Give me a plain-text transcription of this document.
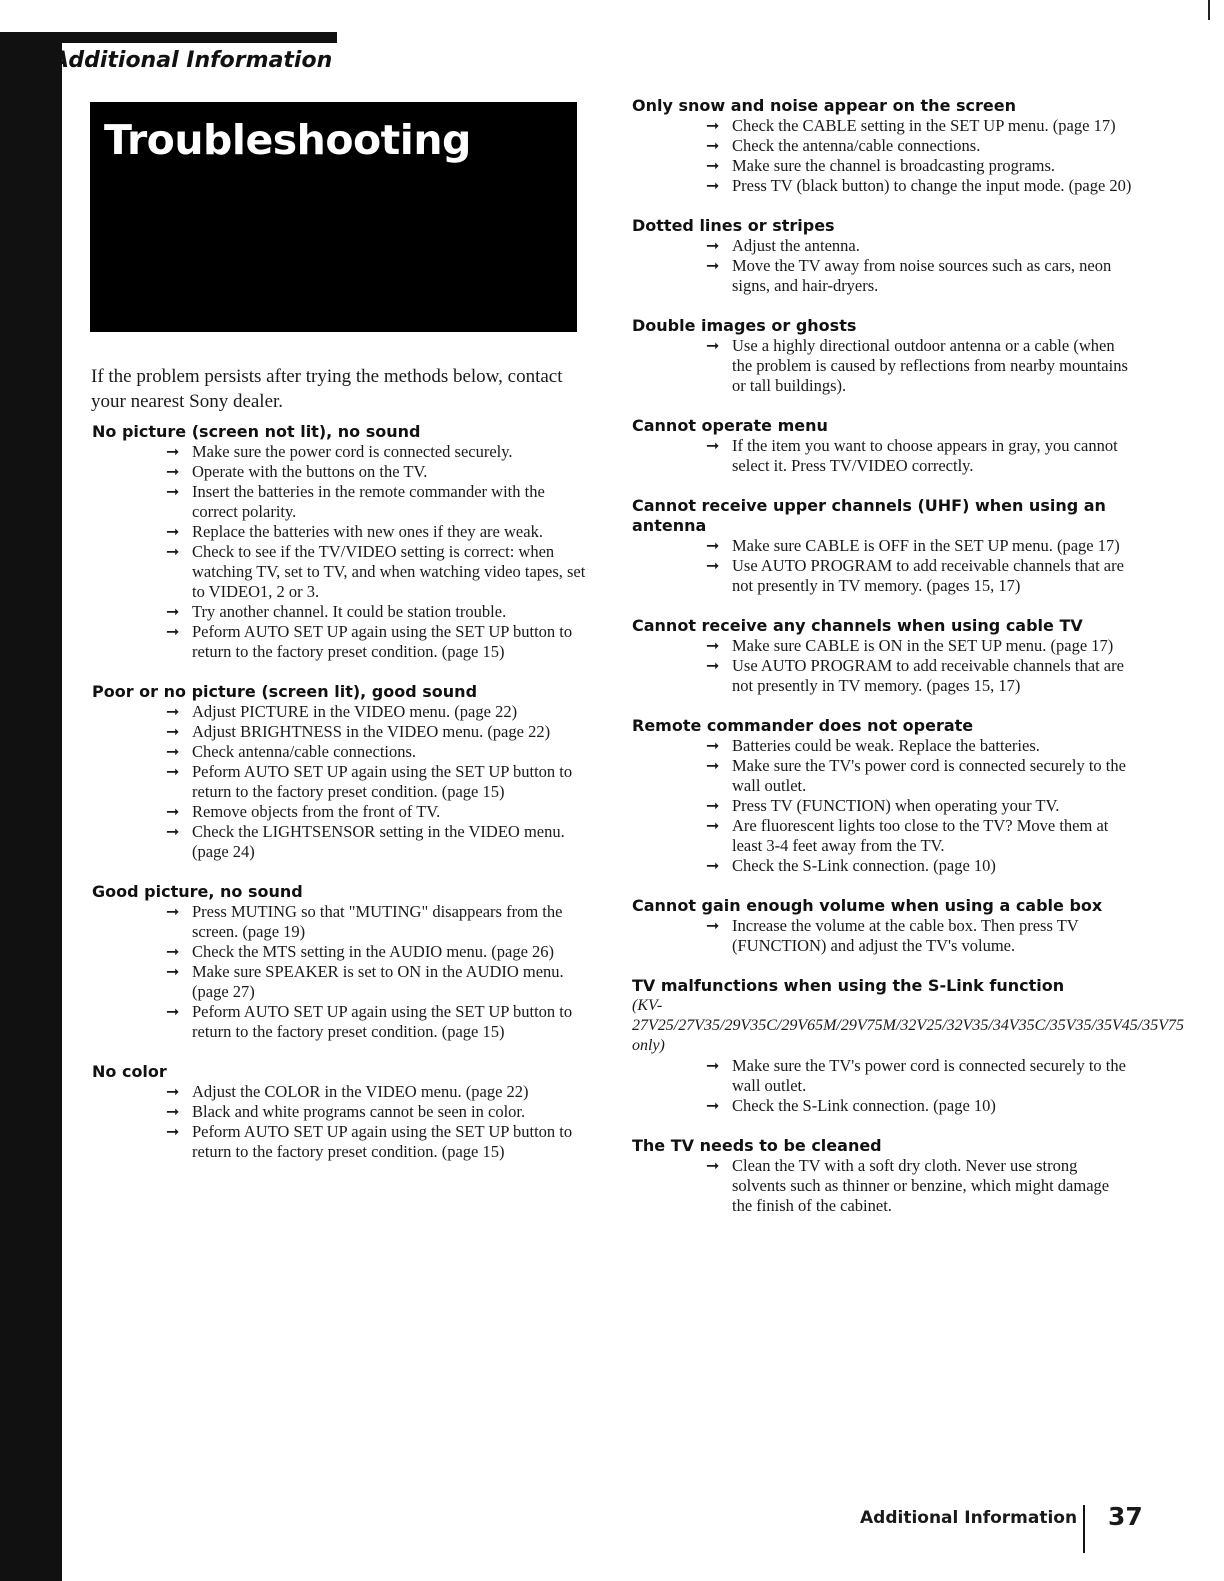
Additional Information
Troubleshooting
If the problem persists after trying the methods below, contact your nearest Sony dealer.
No picture (screen not lit), no sound
➞ Make sure the power cord is connected securely.
➞ Operate with the buttons on the TV.
➞ Insert the batteries in the remote commander with the correct polarity.
➞ Replace the batteries with new ones if they are weak.
➞ Check to see if the TV/VIDEO setting is correct: when watching TV, set to TV, and when watching video tapes, set to VIDEO1, 2 or 3.
➞ Try another channel. It could be station trouble.
➞ Peform AUTO SET UP again using the SET UP button to return to the factory preset condition. (page 15)
Poor or no picture (screen lit), good sound
➞ Adjust PICTURE in the VIDEO menu. (page 22)
➞ Adjust BRIGHTNESS in the VIDEO menu. (page 22)
➞ Check antenna/cable connections.
➞ Peform AUTO SET UP again using the SET UP button to return to the factory preset condition. (page 15)
➞ Remove objects from the front of TV.
➞ Check the LIGHTSENSOR setting in the VIDEO menu. (page 24)
Good picture, no sound
➞ Press MUTING so that "MUTING" disappears from the screen. (page 19)
➞ Check the MTS setting in the AUDIO menu. (page 26)
➞ Make sure SPEAKER is set to ON in the AUDIO menu. (page 27)
➞ Peform AUTO SET UP again using the SET UP button to return to the factory preset condition. (page 15)
No color
➞ Adjust the COLOR in the VIDEO menu. (page 22)
➞ Black and white programs cannot be seen in color.
➞ Peform AUTO SET UP again using the SET UP button to return to the factory preset condition. (page 15)
Only snow and noise appear on the screen
➞ Check the CABLE setting in the SET UP menu. (page 17)
➞ Check the antenna/cable connections.
➞ Make sure the channel is broadcasting programs.
➞ Press TV (black button) to change the input mode. (page 20)
Dotted lines or stripes
➞ Adjust the antenna.
➞ Move the TV away from noise sources such as cars, neon signs, and hair-dryers.
Double images or ghosts
➞ Use a highly directional outdoor antenna or a cable (when the problem is caused by reflections from nearby mountains or tall buildings).
Cannot operate menu
➞ If the item you want to choose appears in gray, you cannot select it. Press TV/VIDEO correctly.
Cannot receive upper channels (UHF) when using an antenna
➞ Make sure CABLE is OFF in the SET UP menu. (page 17)
➞ Use AUTO PROGRAM to add receivable channels that are not presently in TV memory. (pages 15, 17)
Cannot receive any channels when using cable TV
➞ Make sure CABLE is ON in the SET UP menu. (page 17)
➞ Use AUTO PROGRAM to add receivable channels that are not presently in TV memory. (pages 15, 17)
Remote commander does not operate
➞ Batteries could be weak. Replace the batteries.
➞ Make sure the TV's power cord is connected securely to the wall outlet.
➞ Press TV (FUNCTION) when operating your TV.
➞ Are fluorescent lights too close to the TV? Move them at least 3-4 feet away from the TV.
➞ Check the S-Link connection. (page 10)
Cannot gain enough volume when using a cable box
➞ Increase the volume at the cable box. Then press TV (FUNCTION) and adjust the TV's volume.
TV malfunctions when using the S-Link function
(KV-27V25/27V35/29V35C/29V65M/29V75M/32V25/32V35/34V35C/35V35/35V45/35V75 only)
➞ Make sure the TV's power cord is connected securely to the wall outlet.
➞ Check the S-Link connection. (page 10)
The TV needs to be cleaned
➞ Clean the TV with a soft dry cloth. Never use strong solvents such as thinner or benzine, which might damage the finish of the cabinet.
Additional Information 37
